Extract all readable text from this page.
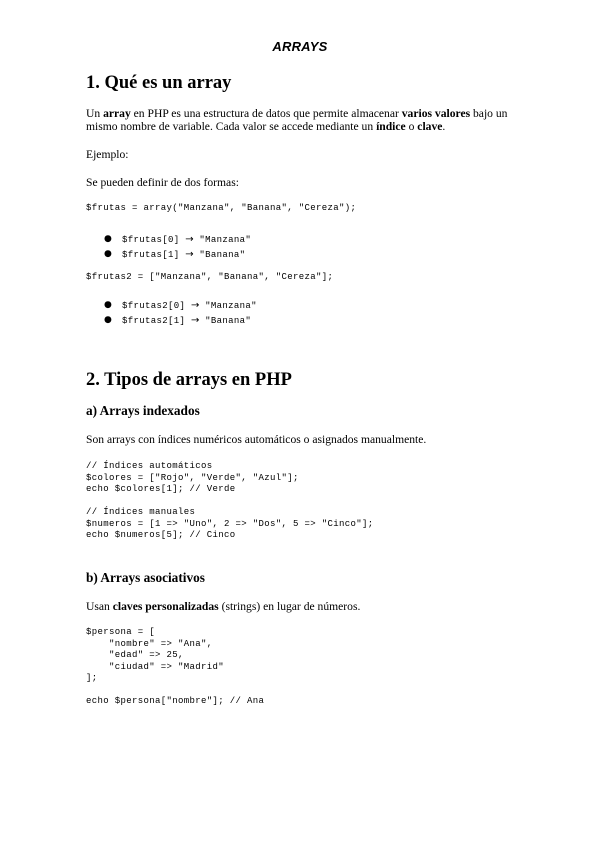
ARRAYS
1. Qué es un array

Un array en PHP es una estructura de datos que permite almacenar varios valores bajo un mismo nombre de variable. Cada valor se accede mediante un índice o clave.

Ejemplo:

Se pueden definir de dos formas:

$frutas = array("Manzana", "Banana", "Cereza");
● $frutas[0] → "Manzana"
● $frutas[1] → "Banana"
$frutas2 = ["Manzana", "Banana", "Cereza"];
● $frutas2[0] → "Manzana"
● $frutas2[1] → "Banana"
2. Tipos de arrays en PHP
a) Arrays indexados

Son arrays con índices numéricos automáticos o asignados manualmente.

// Índices automáticos
$colores = ["Rojo", "Verde", "Azul"];
echo $colores[1]; // Verde
// Índices manuales
$numeros = [1 => "Uno", 2 => "Dos", 5 => "Cinco"];
echo $numeros[5]; // Cinco
b) Arrays asociativos

Usan claves personalizadas (strings) en lugar de números.

$persona = [
"nombre" => "Ana",
"edad" => 25,
"ciudad" => "Madrid"
];
echo $persona["nombre"]; // Ana
